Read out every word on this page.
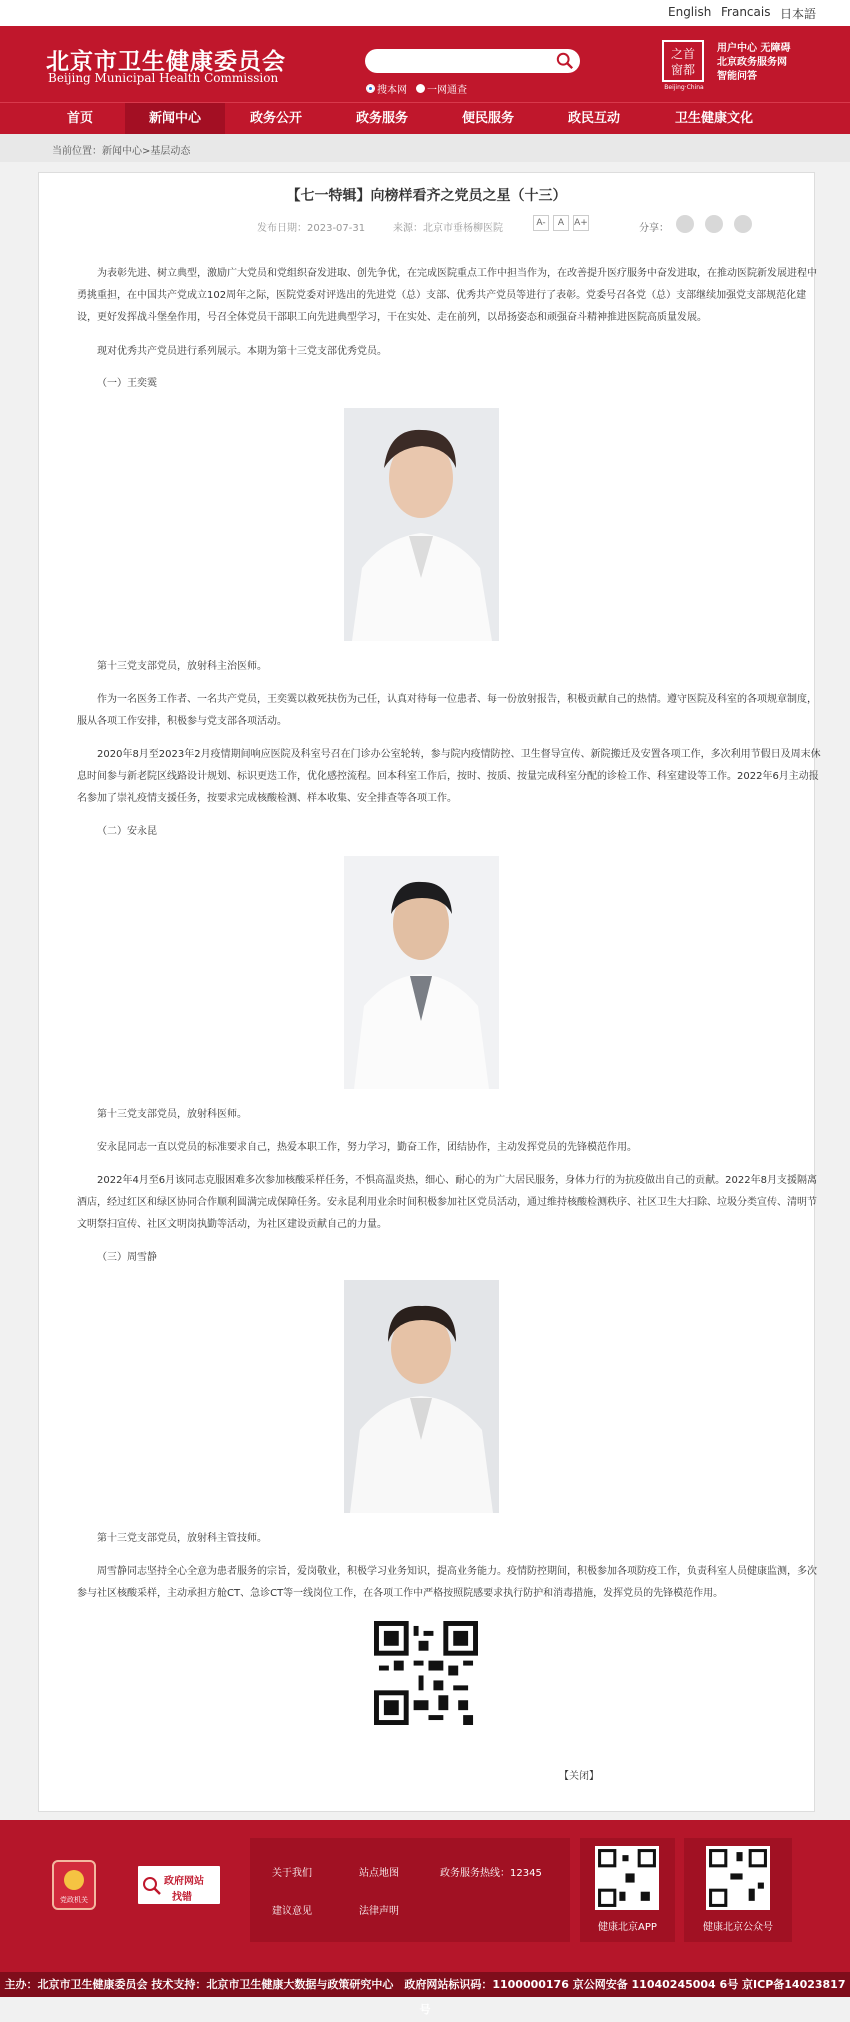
English Francais 日本語
北京市卫生健康委员会
Beijing Municipal Health Commission
搜本网 一网通查
之首
窗都
Beijing·China
用户中心 无障碍
北京政务服务网
智能问答
首页	新闻中心	政务公开	政务服务	便民服务	政民互动	卫生健康文化
当前位置：新闻中心>基层动态
【七一特辑】向榜样看齐之党员之星（十三）
发布日期：2023-07-31	来源：北京市垂杨柳医院	A-	A	A+	分享：
为表彰先进、树立典型，激励广大党员和党组织奋发进取、创先争优，在完成医院重点工作中担当作为，在改善提升医疗服务中奋发进取，在推动医院新发展进程中勇挑重担，在中国共产党成立102周年之际，医院党委对评选出的先进党（总）支部、优秀共产党员等进行了表彰。党委号召各党（总）支部继续加强党支部规范化建设，更好发挥战斗堡垒作用，号召全体党员干部职工向先进典型学习，干在实处、走在前列，以昂扬姿态和顽强奋斗精神推进医院高质量发展。
现对优秀共产党员进行系列展示。本期为第十三党支部优秀党员。
（一）王奕霙
第十三党支部党员，放射科主治医师。
作为一名医务工作者、一名共产党员，王奕霙以救死扶伤为己任，认真对待每一位患者、每一份放射报告，积极贡献自己的热情。遵守医院及科室的各项规章制度，服从各项工作安排，积极参与党支部各项活动。
2020年8月至2023年2月疫情期间响应医院及科室号召在门诊办公室轮转，参与院内疫情防控、卫生督导宣传、新院搬迁及安置各项工作，多次利用节假日及周末休息时间参与新老院区线路设计规划、标识更迭工作，优化感控流程。回本科室工作后，按时、按质、按量完成科室分配的诊检工作、科室建设等工作。2022年6月主动报名参加了崇礼疫情支援任务，按要求完成核酸检测、样本收集、安全排查等各项工作。
（二）安永昆
第十三党支部党员，放射科医师。
安永昆同志一直以党员的标准要求自己，热爱本职工作，努力学习，勤奋工作，团结协作，主动发挥党员的先锋模范作用。
2022年4月至6月该同志克服困难多次参加核酸采样任务，不惧高温炎热，细心、耐心的为广大居民服务，身体力行的为抗疫做出自己的贡献。2022年8月支援隔离酒店，经过红区和绿区协同合作顺利圆满完成保障任务。安永昆利用业余时间积极参加社区党员活动，通过维持核酸检测秩序、社区卫生大扫除、垃圾分类宣传、清明节文明祭扫宣传、社区文明岗执勤等活动，为社区建设贡献自己的力量。
（三）周雪静
第十三党支部党员，放射科主管技师。
周雪静同志坚持全心全意为患者服务的宗旨，爱岗敬业，积极学习业务知识，提高业务能力。疫情防控期间，积极参加各项防疫工作，负责科室人员健康监测，多次参与社区核酸采样，主动承担方舱CT、急诊CT等一线岗位工作，在各项工作中严格按照院感要求执行防护和消毒措施，发挥党员的先锋模范作用。
【关闭】
党政机关
政府网站
找错
关于我们	站点地图	政务服务热线：12345
建议意见	法律声明
健康北京APP	健康北京公众号
主办：北京市卫生健康委员会 技术支持：北京市卫生健康大数据与政策研究中心　政府网站标识码：1100000176 京公网安备 11040245004 6号 京ICP备14023817号
